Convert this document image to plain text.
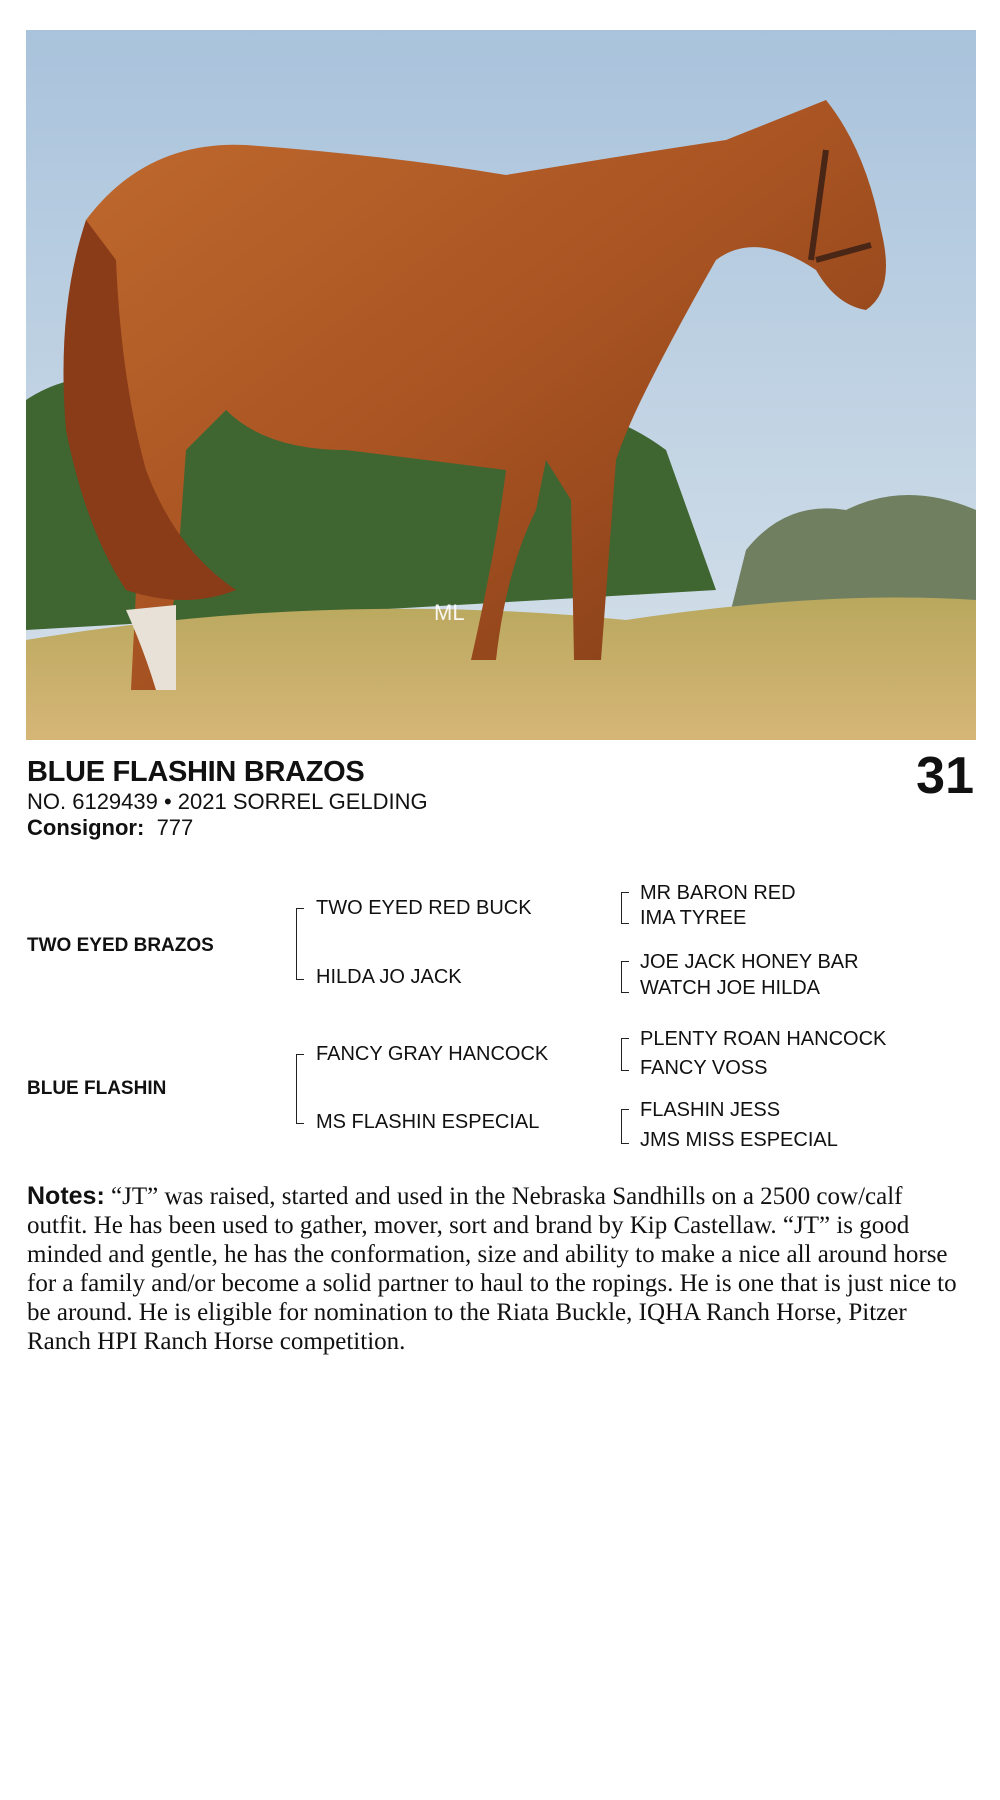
ML
BLUE FLASHIN BRAZOS	31
NO. 6129439 • 2021 SORREL GELDING
Consignor: 777
TWO EYED BRAZOS
BLUE FLASHIN
TWO EYED RED BUCK
HILDA JO JACK
FANCY GRAY HANCOCK
MS FLASHIN ESPECIAL
MR BARON RED
IMA TYREE
JOE JACK HONEY BAR
WATCH JOE HILDA
PLENTY ROAN HANCOCK
FANCY VOSS
FLASHIN JESS
JMS MISS ESPECIAL
Notes: “JT” was raised, started and used in the Nebraska Sandhills on a 2500 cow/calf outfit. He has been used to gather, mover, sort and brand by Kip Castellaw. “JT” is good minded and gentle, he has the conformation, size and ability to make a nice all around horse for a family and/or become a solid partner to haul to the ropings. He is one that is just nice to be around. He is eligible for nomination to the Riata Buckle, IQHA Ranch Horse, Pitzer Ranch HPI Ranch Horse competition.
